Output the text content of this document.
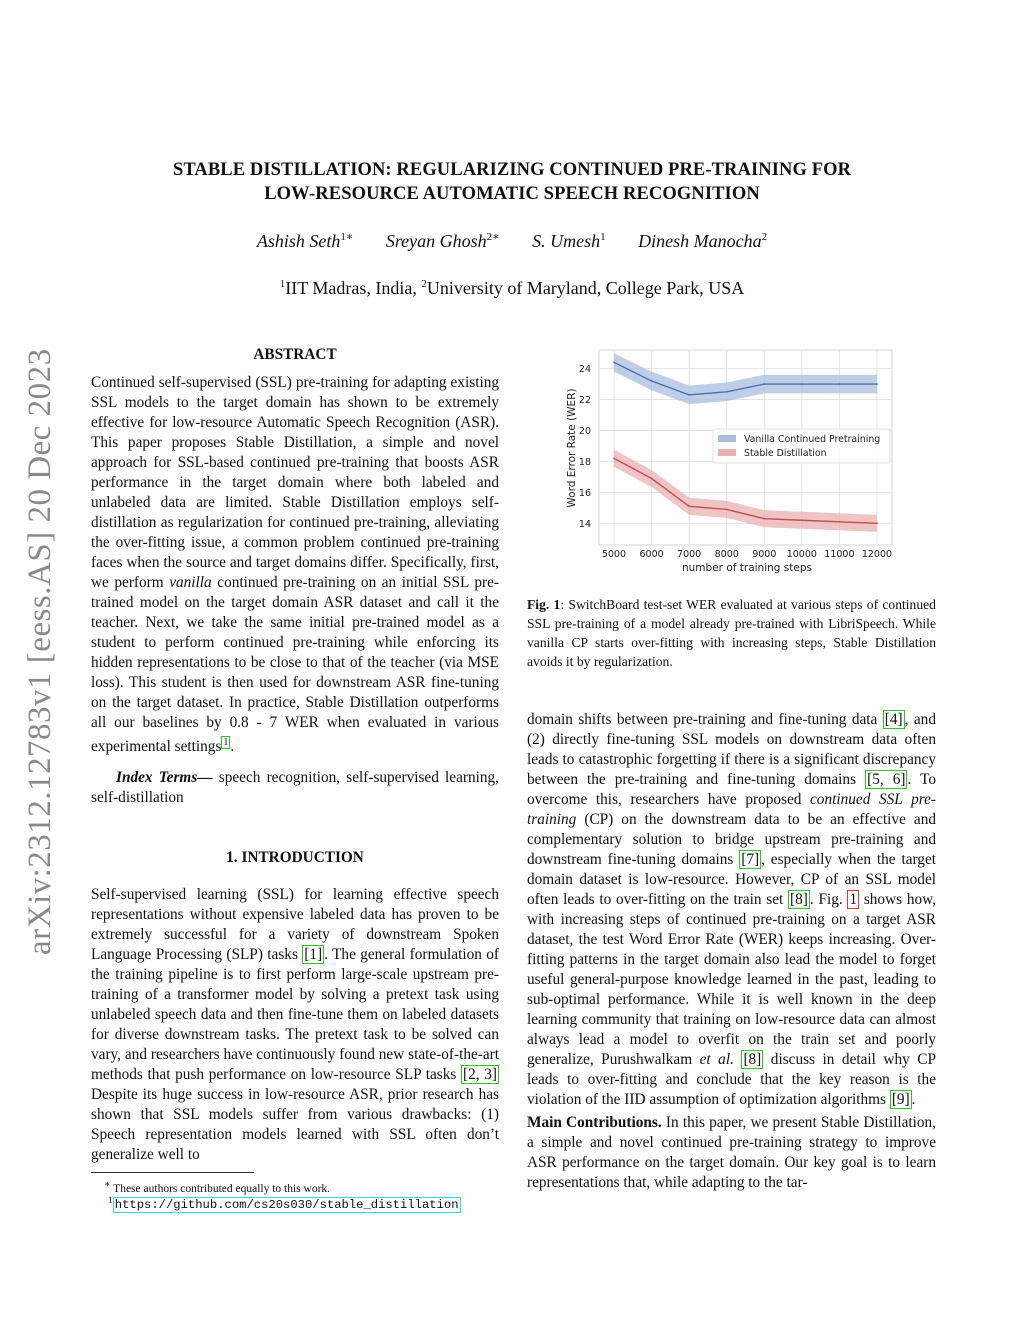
STABLE DISTILLATION: REGULARIZING CONTINUED PRE-TRAINING FOR
LOW-RESOURCE AUTOMATIC SPEECH RECOGNITION
Ashish Seth$^{1∗}$ Sreyan Ghosh$^{2∗}$ S. Umesh$^1$ Dinesh Manocha$^2$
$^1$IIT Madras, India, $^2$University of Maryland, College Park, USA
arXiv:2312.12783v1 [eess.AS] 20 Dec 2023	ABSTRACT

Continued self-supervised (SSL) pre-training for adapting existing SSL models to the target domain has shown to be extremely effective for low-resource Automatic Speech Recognition (ASR). This paper proposes Stable Distillation, a simple and novel approach for SSL-based continued pre-training that boosts ASR performance in the target domain where both labeled and unlabeled data are limited. Stable Distillation employs self-distillation as regularization for continued pre-training, alleviating the over-fitting issue, a common problem continued pre-training faces when the source and target domains differ. Specifically, first, we perform vanilla continued pre-training on an initial SSL pre-trained model on the target domain ASR dataset and call it the teacher. Next, we take the same initial pre-trained model as a student to perform continued pre-training while enforcing its hidden representations to be close to that of the teacher (via MSE loss). This student is then used for downstream ASR fine-tuning on the target dataset. In practice, Stable Distillation outperforms all our baselines by 0.8 - 7 WER when evaluated in various experimental settings $^1$ .

Index Terms— speech recognition, self-supervised learning, self-distillation

1. INTRODUCTION

Self-supervised learning (SSL) for learning effective speech representations without expensive labeled data has proven to be extremely successful for a variety of downstream Spoken Language Processing (SLP) tasks [1] . The general formulation of the training pipeline is to first perform large-scale upstream pre-training of a transformer model by solving a pretext task using unlabeled speech data and then fine-tune them on labeled datasets for diverse downstream tasks. The pretext task to be solved can vary, and researchers have continuously found new state-of-the-art methods that push performance on low-resource SLP tasks [2, 3] Despite its huge success in low-resource ASR, prior research has shown that SSL models suffer from various drawbacks: (1) Speech representation models learned with SSL often don’t generalize well to

∗ These authors contributed equally to this work.
$^1$ https://github.com/cs20s030/stable_distillation
14
16
18
20
22
24
5000 6000 7000 8000 9000 10000 11000 12000
number of training steps
Word Error Rate (WER)	Vanilla Continued Pretraining
Stable Distillation
Fig. 1: SwitchBoard test-set WER evaluated at various steps of continued SSL pre-training of a model already pre-trained with LibriSpeech. While vanilla CP starts over-fitting with increasing steps, Stable Distillation avoids it by regularization.

domain shifts between pre-training and fine-tuning data [4] , and (2) directly fine-tuning SSL models on downstream data often leads to catastrophic forgetting if there is a significant discrepancy between the pre-training and fine-tuning domains [5, 6] . To overcome this, researchers have proposed continued SSL pre-training (CP) on the downstream data to be an effective and complementary solution to bridge upstream pre-training and downstream fine-tuning domains [7] , especially when the target domain dataset is low-resource. However, CP of an SSL model often leads to over-fitting on the train set [8] . Fig. 1 shows how, with increasing steps of continued pre-training on a target ASR dataset, the test Word Error Rate (WER) keeps increasing. Over-fitting patterns in the target domain also lead the model to forget useful general-purpose knowledge learned in the past, leading to sub-optimal performance. While it is well known in the deep learning community that training on low-resource data can almost always lead a model to overfit on the train set and poorly generalize, Purushwalkam et al. [8] discuss in detail why CP leads to over-fitting and conclude that the key reason is the violation of the IID assumption of optimization algorithms [9] .

Main Contributions. In this paper, we present Stable Distillation, a simple and novel continued pre-training strategy to improve ASR performance on the target domain. Our key goal is to learn representations that, while adapting to the tar-
